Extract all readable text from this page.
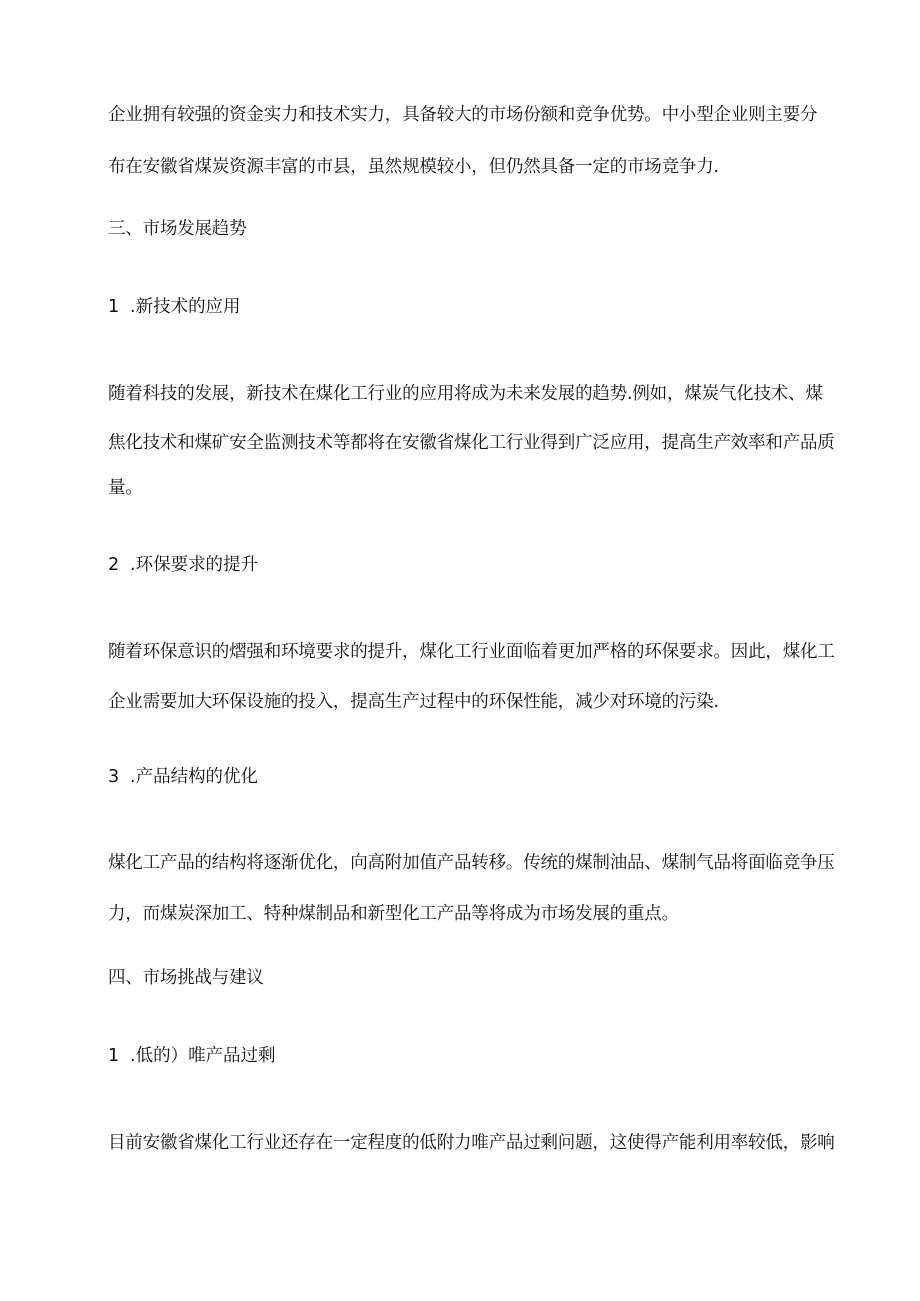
企业拥有较强的资金实力和技术实力，具备较大的市场份额和竞争优势。中小型企业则主要分
布在安徽省煤炭资源丰富的市县，虽然规模较小，但仍然具备一定的市场竞争力.
三、市场发展趋势
1 .新技术的应用
随着科技的发展，新技术在煤化工行业的应用将成为未来发展的趋势.例如，煤炭气化技术、煤
焦化技术和煤矿安全监测技术等都将在安徽省煤化工行业得到广泛应用，提高生产效率和产品质
量。
2 .环保要求的提升
随着环保意识的熠强和环境要求的提升，煤化工行业面临着更加严格的环保要求。因此，煤化工
企业需要加大环保设施的投入，提高生产过程中的环保性能，减少对环境的污染.
3 .产品结构的优化
煤化工产品的结构将逐渐优化，向高附加值产品转移。传统的煤制油品、煤制气品将面临竞争压
力，而煤炭深加工、特种煤制品和新型化工产品等将成为市场发展的重点。
四、市场挑战与建议
1 .低的）唯产品过剩
目前安徽省煤化工行业还存在一定程度的低附力唯产品过剩问题，这使得产能利用率较低，影响
